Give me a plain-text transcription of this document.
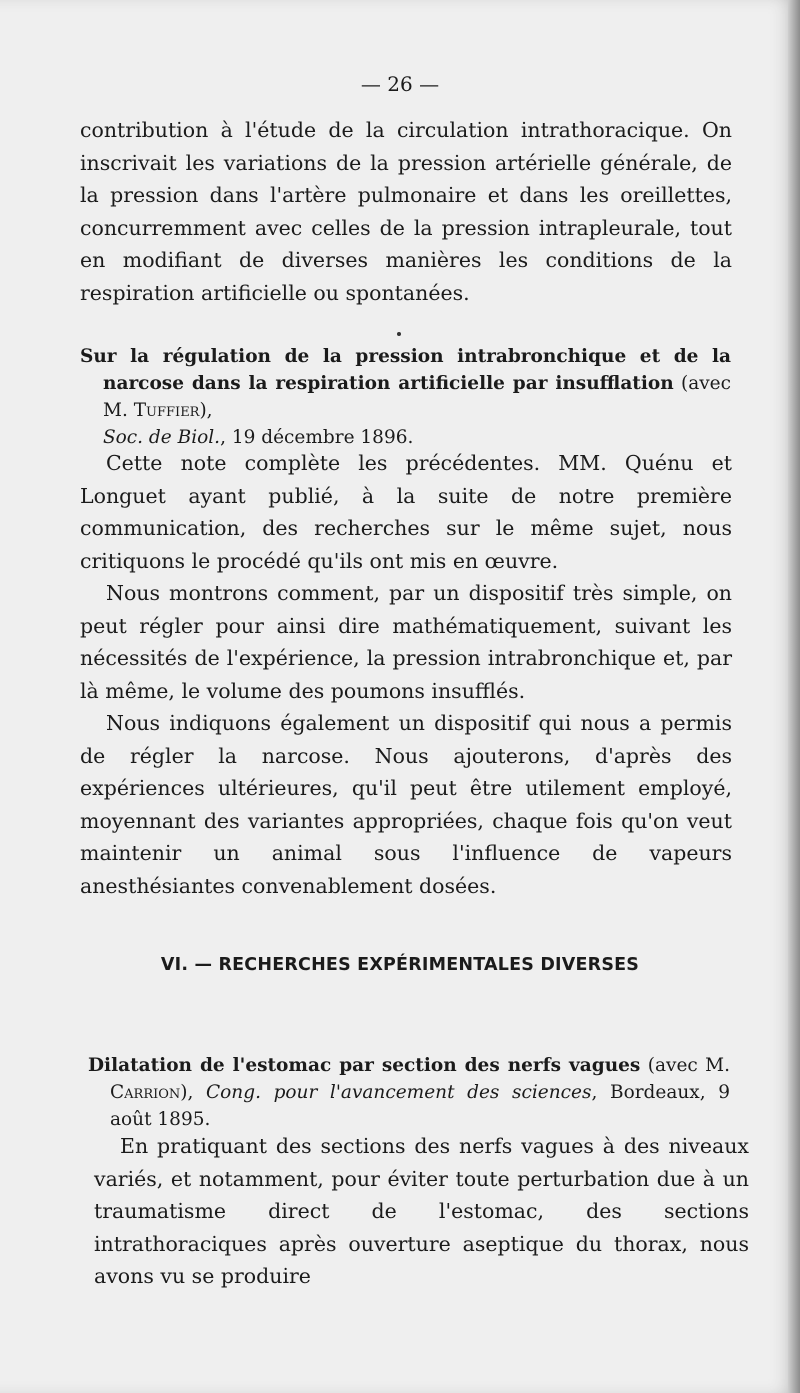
— 26 —

contribution à l'étude de la circulation intrathoracique. On inscrivait les variations de la pression artérielle générale, de la pression dans l'artère pulmonaire et dans les oreillettes, concurremment avec celles de la pression intrapleurale, tout en modifiant de diverses manières les conditions de la respiration artificielle ou spontanées.

Sur la régulation de la pression intrabronchique et de la narcose dans la respiration artificielle par insufflation (avec M. Tuffier),
Soc. de Biol., 19 décembre 1896.

Cette note complète les précédentes. MM. Quénu et Longuet ayant publié, à la suite de notre première communication, des recherches sur le même sujet, nous critiquons le procédé qu'ils ont mis en œuvre.

Nous montrons comment, par un dispositif très simple, on peut régler pour ainsi dire mathématiquement, suivant les nécessités de l'expérience, la pression intrabronchique et, par là même, le volume des poumons insufflés.

Nous indiquons également un dispositif qui nous a permis de régler la narcose. Nous ajouterons, d'après des expériences ultérieures, qu'il peut être utilement employé, moyennant des variantes appropriées, chaque fois qu'on veut maintenir un animal sous l'influence de vapeurs anesthésiantes convenablement dosées.

VI. — RECHERCHES EXPÉRIMENTALES DIVERSES

Dilatation de l'estomac par section des nerfs vagues (avec M. Carrion), Cong. pour l'avancement des sciences, Bordeaux, 9 août 1895.

En pratiquant des sections des nerfs vagues à des niveaux variés, et notamment, pour éviter toute perturbation due à un traumatisme direct de l'estomac, des sections intrathoraciques après ouverture aseptique du thorax, nous avons vu se produire
